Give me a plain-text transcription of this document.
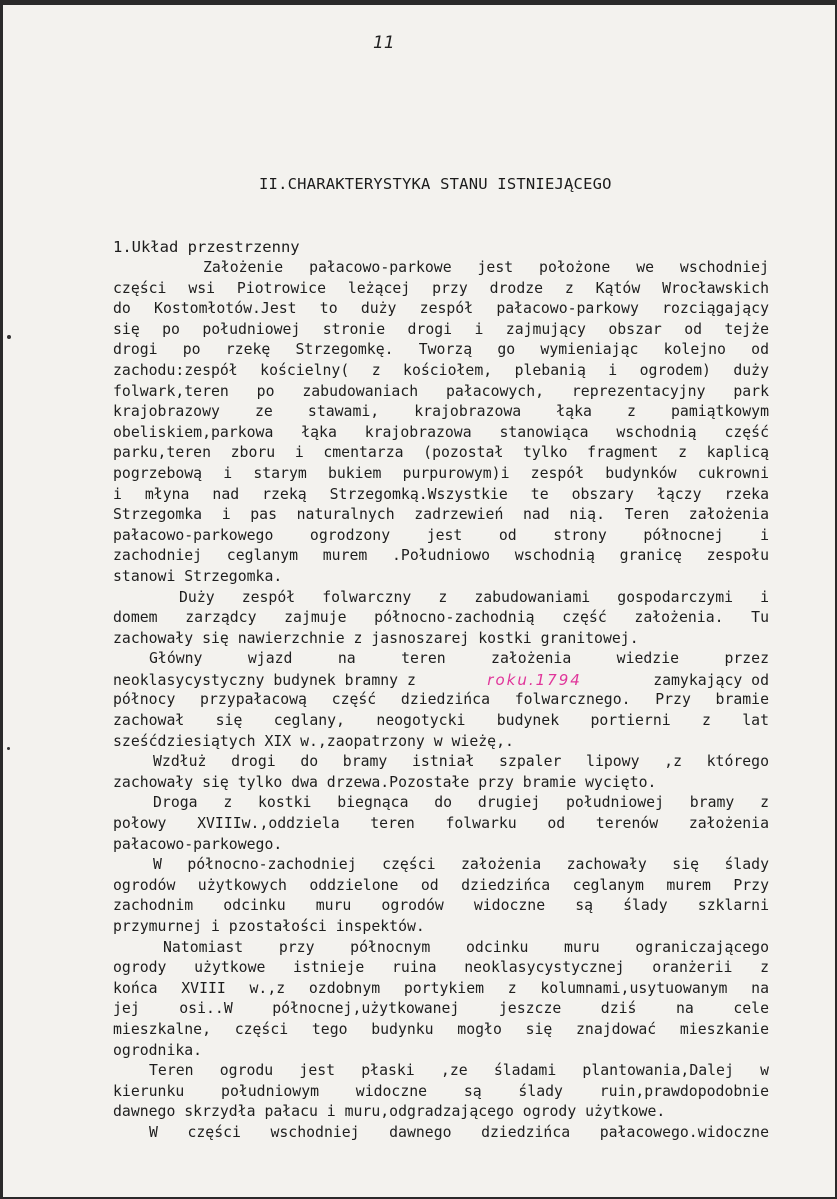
11
II.CHARAKTERYSTYKA STANU ISTNIEJĄCEGO
1.Układ przestrzenny
Założenie pałacowo-parkowe jest położone we wschodniej
części wsi Piotrowice leżącej przy drodze z Kątów Wrocławskich
do Kostomłotów.Jest to duży zespół pałacowo-parkowy rozciągający
się po południowej stronie drogi i zajmujący obszar od tejże
drogi po rzekę Strzegomkę. Tworzą go wymieniając kolejno od
zachodu:zespół kościelny( z kościołem, plebanią i ogrodem) duży
folwark,teren po zabudowaniach pałacowych, reprezentacyjny park
krajobrazowy ze stawami, krajobrazowa łąka z pamiątkowym
obeliskiem,parkowa łąka krajobrazowa stanowiąca wschodnią część
parku,teren zboru i cmentarza (pozostał tylko fragment z kaplicą
pogrzebową i starym bukiem purpurowym)i zespół budynków cukrowni
i młyna nad rzeką Strzegomką.Wszystkie te obszary łączy rzeka
Strzegomka i pas naturalnych zadrzewień nad nią. Teren założenia
pałacowo-parkowego ogrodzony jest od strony północnej i
zachodniej ceglanym murem .Południowo wschodnią granicę zespołu
stanowi Strzegomka.
Duży zespół folwarczny z zabudowaniami gospodarczymi i
domem zarządcy zajmuje północno-zachodnią część założenia. Tu
zachowały się nawierzchnie z jasnoszarej kostki granitowej.
Główny wjazd na teren założenia wiedzie przez
neoklasycystyczny budynek bramny z	roku.1794	zamykający od
północy przypałacową część dziedzińca folwarcznego. Przy bramie
zachował się ceglany, neogotycki budynek portierni z lat
sześćdziesiątych XIX w.,zaopatrzony w wieżę,.
Wzdłuż drogi do bramy istniał szpaler lipowy ,z którego
zachowały się tylko dwa drzewa.Pozostałe przy bramie wycięto.
Droga z kostki biegnąca do drugiej południowej bramy z
połowy XVIIIw.,oddziela teren folwarku od terenów założenia
pałacowo-parkowego.
W północno-zachodniej części założenia zachowały się ślady
ogrodów użytkowych oddzielone od dziedzińca ceglanym murem Przy
zachodnim odcinku muru ogrodów widoczne są ślady szklarni
przymurnej i pzostałości inspektów.
Natomiast przy północnym odcinku muru ograniczającego
ogrody użytkowe istnieje ruina neoklasycystycznej oranżerii z
końca XVIII w.,z ozdobnym portykiem z kolumnami,usytuowanym na
jej osi..W północnej,użytkowanej jeszcze dziś na cele
mieszkalne, części tego budynku mogło się znajdować mieszkanie
ogrodnika.
Teren ogrodu jest płaski ,ze śladami plantowania,Dalej w
kierunku południowym widoczne są ślady ruin,prawdopodobnie
dawnego skrzydła pałacu i muru,odgradzającego ogrody użytkowe.
W części wschodniej dawnego dziedzińca pałacowego.widoczne
